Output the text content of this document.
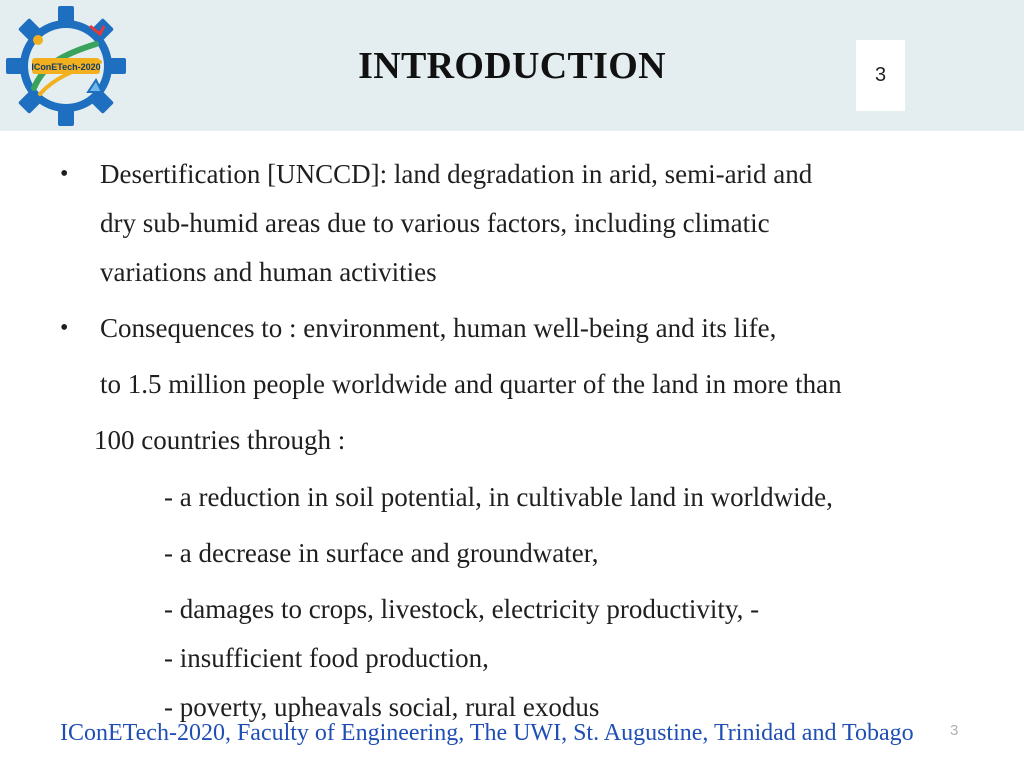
IConETech-2020	INTRODUCTION	3
• Desertification [UNCCD]: land degradation in arid, semi-arid and
dry sub-humid areas due to various factors, including climatic
variations and human activities
• Consequences to : environment, human well-being and its life,
to 1.5 million people worldwide and quarter of the land in more than
100 countries through :
- a reduction in soil potential, in cultivable land in worldwide,
- a decrease in surface and groundwater,
- damages to crops, livestock, electricity productivity, -
- insufficient food production,
- poverty, upheavals social, rural exodus
IConETech-2020, Faculty of Engineering, The UWI, St. Augustine, Trinidad and Tobago 3
